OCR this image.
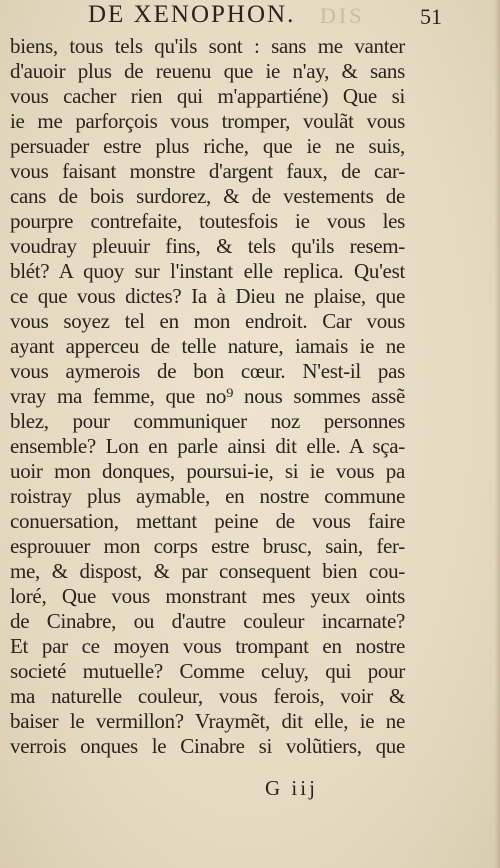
DE XENOPHON. DIS	51
biens, tous tels qu'ils sont : sans me vanter
d'auoir plus de reuenu que ie n'ay, & sans
vous cacher rien qui m'appartiéne) Que si
ie me parforçois vous tromper, voulãt vous
persuader estre plus riche, que ie ne suis,
vous faisant monstre d'argent faux, de car-
cans de bois surdorez, & de vestements de
pourpre contrefaite, toutesfois ie vous les
voudray pleuuir fins, & tels qu'ils resem-
blét? A quoy sur l'instant elle replica. Qu'est
ce que vous dictes? Ia à Dieu ne plaise, que
vous soyez tel en mon endroit. Car vous
ayant apperceu de telle nature, iamais ie ne
vous aymerois de bon cœur. N'est-il pas
vray ma femme, que no⁹ nous sommes assẽ
blez, pour communiquer noz personnes
ensemble? Lon en parle ainsi dit elle. A sça-
uoir mon donques, poursui-ie, si ie vous pa
roistray plus aymable, en nostre commune
conuersation, mettant peine de vous faire
esprouuer mon corps estre brusc, sain, fer-
me, & dispost, & par consequent bien cou-
loré, Que vous monstrant mes yeux oints
de Cinabre, ou d'autre couleur incarnate?
Et par ce moyen vous trompant en nostre
societé mutuelle? Comme celuy, qui pour
ma naturelle couleur, vous ferois, voir &
baiser le vermillon? Vraymẽt, dit elle, ie ne
verrois onques le Cinabre si volũtiers, que
G iij
